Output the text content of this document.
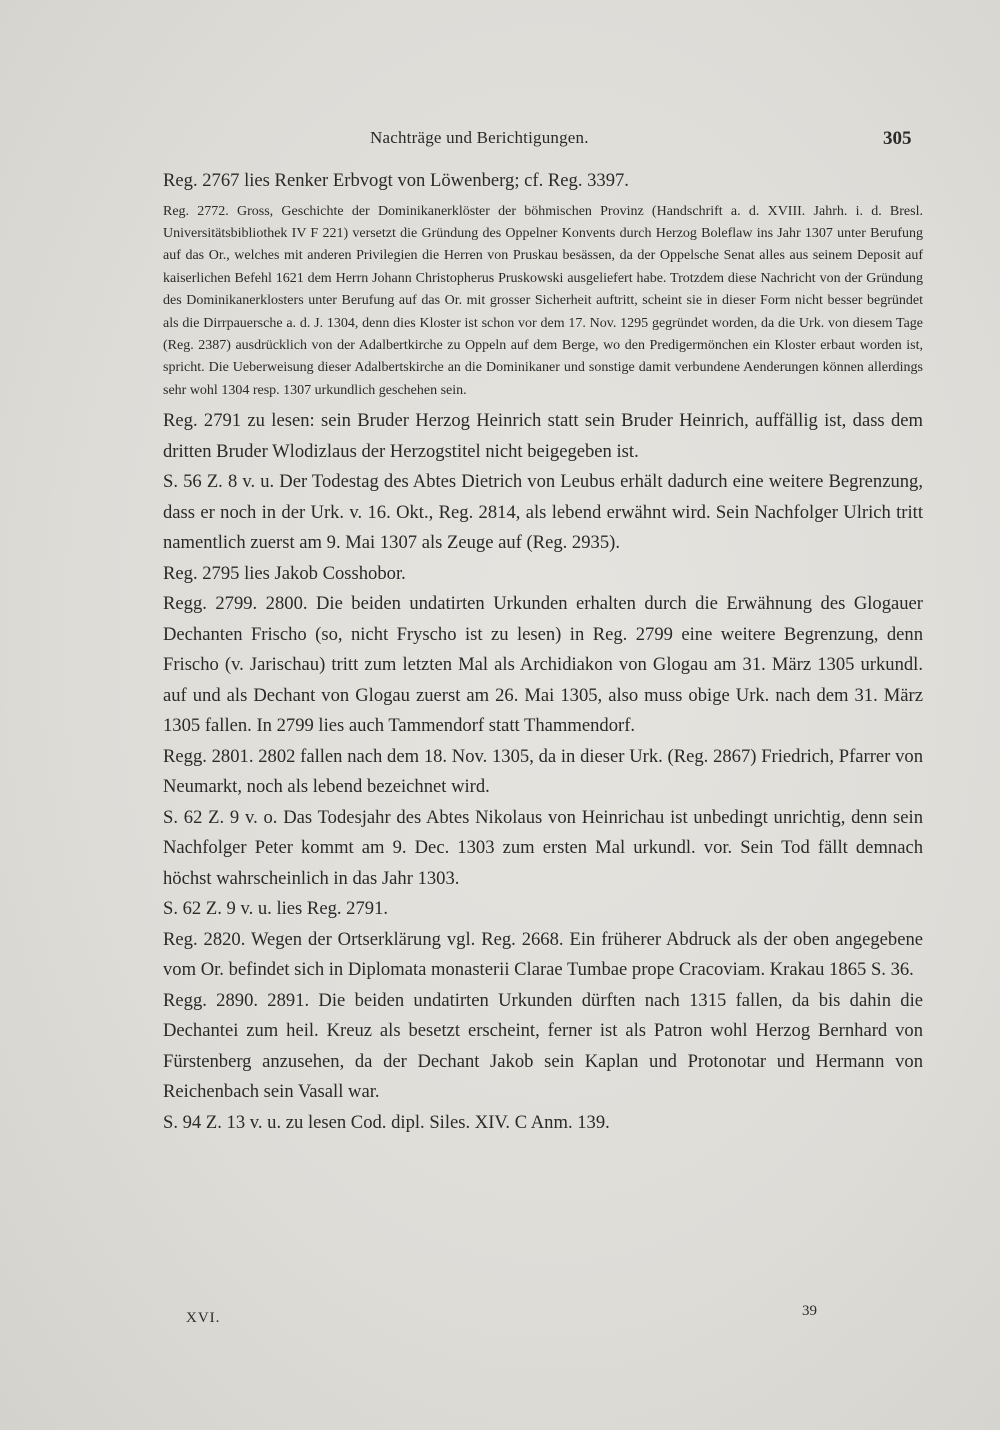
Nachträge und Berichtigungen.	305

Reg. 2767 lies Renker Erbvogt von Löwenberg; cf. Reg. 3397.

Reg. 2772. Gross, Geschichte der Dominikanerklöster der böhmischen Provinz (Handschrift a. d. XVIII. Jahrh. i. d. Bresl. Universitätsbibliothek IV F 221) versetzt die Gründung des Oppelner Konvents durch Herzog Boleflaw ins Jahr 1307 unter Berufung auf das Or., welches mit anderen Privilegien die Herren von Pruskau besässen, da der Oppelsche Senat alles aus seinem Deposit auf kaiserlichen Befehl 1621 dem Herrn Johann Christopherus Pruskowski ausgeliefert habe. Trotzdem diese Nachricht von der Gründung des Dominikanerklosters unter Berufung auf das Or. mit grosser Sicherheit auftritt, scheint sie in dieser Form nicht besser begründet als die Dirrpauersche a. d. J. 1304, denn dies Kloster ist schon vor dem 17. Nov. 1295 gegründet worden, da die Urk. von diesem Tage (Reg. 2387) ausdrücklich von der Adalbertkirche zu Oppeln auf dem Berge, wo den Predigermönchen ein Kloster erbaut worden ist, spricht. Die Ueberweisung dieser Adalbertskirche an die Dominikaner und sonstige damit verbundene Aenderungen können allerdings sehr wohl 1304 resp. 1307 urkundlich geschehen sein.

Reg. 2791 zu lesen: sein Bruder Herzog Heinrich statt sein Bruder Heinrich, auffällig ist, dass dem dritten Bruder Wlodizlaus der Herzogstitel nicht beigegeben ist.

S. 56 Z. 8 v. u. Der Todestag des Abtes Dietrich von Leubus erhält dadurch eine weitere Begrenzung, dass er noch in der Urk. v. 16. Okt., Reg. 2814, als lebend erwähnt wird. Sein Nachfolger Ulrich tritt namentlich zuerst am 9. Mai 1307 als Zeuge auf (Reg. 2935).

Reg. 2795 lies Jakob Cosshobor.

Regg. 2799. 2800. Die beiden undatirten Urkunden erhalten durch die Erwähnung des Glogauer Dechanten Frischo (so, nicht Fryscho ist zu lesen) in Reg. 2799 eine weitere Begrenzung, denn Frischo (v. Jarischau) tritt zum letzten Mal als Archidiakon von Glogau am 31. März 1305 urkundl. auf und als Dechant von Glogau zuerst am 26. Mai 1305, also muss obige Urk. nach dem 31. März 1305 fallen. In 2799 lies auch Tammendorf statt Thammendorf.

Regg. 2801. 2802 fallen nach dem 18. Nov. 1305, da in dieser Urk. (Reg. 2867) Friedrich, Pfarrer von Neumarkt, noch als lebend bezeichnet wird.

S. 62 Z. 9 v. o. Das Todesjahr des Abtes Nikolaus von Heinrichau ist unbedingt unrichtig, denn sein Nachfolger Peter kommt am 9. Dec. 1303 zum ersten Mal urkundl. vor. Sein Tod fällt demnach höchst wahrscheinlich in das Jahr 1303.

S. 62 Z. 9 v. u. lies Reg. 2791.

Reg. 2820. Wegen der Ortserklärung vgl. Reg. 2668. Ein früherer Abdruck als der oben angegebene vom Or. befindet sich in Diplomata monasterii Clarae Tumbae prope Cracoviam. Krakau 1865 S. 36.

Regg. 2890. 2891. Die beiden undatirten Urkunden dürften nach 1315 fallen, da bis dahin die Dechantei zum heil. Kreuz als besetzt erscheint, ferner ist als Patron wohl Herzog Bernhard von Fürstenberg anzusehen, da der Dechant Jakob sein Kaplan und Protonotar und Hermann von Reichenbach sein Vasall war.

S. 94 Z. 13 v. u. zu lesen Cod. dipl. Siles. XIV. C Anm. 139.

XVI.	39
